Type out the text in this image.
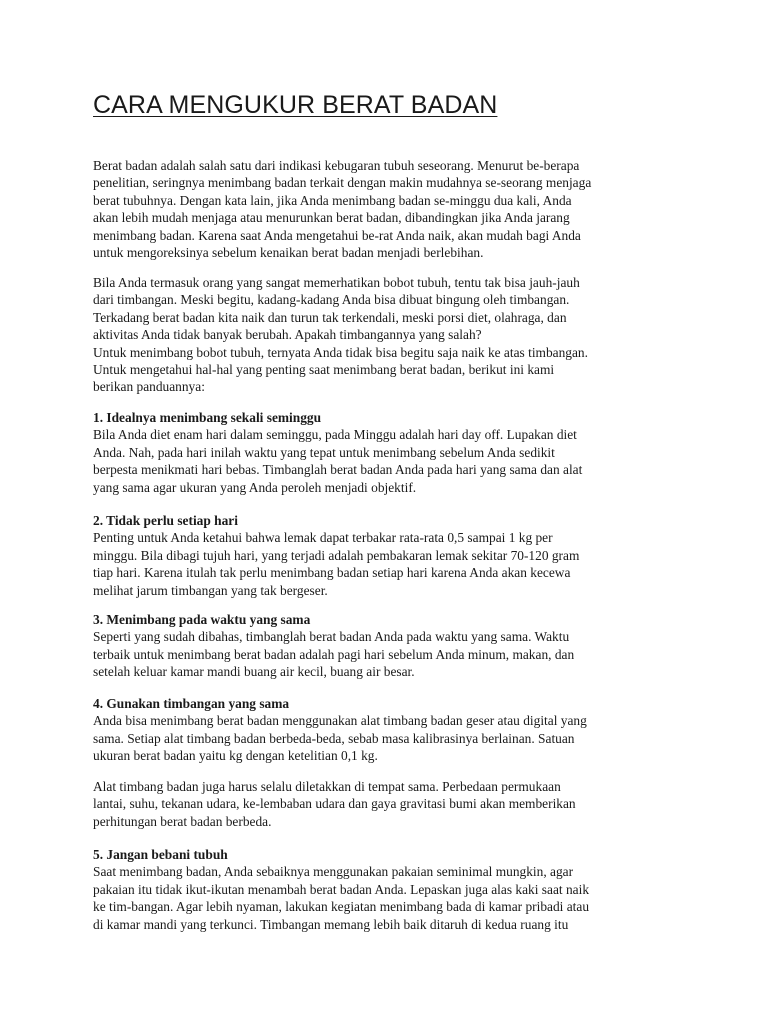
CARA MENGUKUR BERAT BADAN
Berat badan adalah salah satu dari indikasi kebugaran tubuh seseorang. Menurut be-berapa
penelitian, seringnya menimbang badan terkait dengan makin mudahnya se-seorang menjaga
berat tubuhnya. Dengan kata lain, jika Anda menimbang badan se-minggu dua kali, Anda
akan lebih mudah menjaga atau menurunkan berat badan, dibandingkan jika Anda jarang
menimbang badan. Karena saat Anda mengetahui be-rat Anda naik, akan mudah bagi Anda
untuk mengoreksinya sebelum kenaikan berat badan menjadi berlebihan.
Bila Anda termasuk orang yang sangat memerhatikan bobot tubuh, tentu tak bisa jauh-jauh
dari timbangan. Meski begitu, kadang-kadang Anda bisa dibuat bingung oleh timbangan.
Terkadang berat badan kita naik dan turun tak terkendali, meski porsi diet, olahraga, dan
aktivitas Anda tidak banyak berubah. Apakah timbangannya yang salah?
Untuk menimbang bobot tubuh, ternyata Anda tidak bisa begitu saja naik ke atas timbangan.
Untuk mengetahui hal-hal yang penting saat menimbang berat badan, berikut ini kami
berikan panduannya:
1. Idealnya menimbang sekali seminggu
Bila Anda diet enam hari dalam seminggu, pada Minggu adalah hari day off. Lupakan diet
Anda. Nah, pada hari inilah waktu yang tepat untuk menimbang sebelum Anda sedikit
berpesta menikmati hari bebas. Timbanglah berat badan Anda pada hari yang sama dan alat
yang sama agar ukuran yang Anda peroleh menjadi objektif.
2. Tidak perlu setiap hari
Penting untuk Anda ketahui bahwa lemak dapat terbakar rata-rata 0,5 sampai 1 kg per
minggu. Bila dibagi tujuh hari, yang terjadi adalah pembakaran lemak sekitar 70-120 gram
tiap hari. Karena itulah tak perlu menimbang badan setiap hari karena Anda akan kecewa
melihat jarum timbangan yang tak bergeser.
3. Menimbang pada waktu yang sama
Seperti yang sudah dibahas, timbanglah berat badan Anda pada waktu yang sama. Waktu
terbaik untuk menimbang berat badan adalah pagi hari sebelum Anda minum, makan, dan
setelah keluar kamar mandi buang air kecil, buang air besar.
4. Gunakan timbangan yang sama
Anda bisa menimbang berat badan menggunakan alat timbang badan geser atau digital yang
sama. Setiap alat timbang badan berbeda-beda, sebab masa kalibrasinya berlainan. Satuan
ukuran berat badan yaitu kg dengan ketelitian 0,1 kg.
Alat timbang badan juga harus selalu diletakkan di tempat sama. Perbedaan permukaan
lantai, suhu, tekanan udara, ke-lembaban udara dan gaya gravitasi bumi akan memberikan
perhitungan berat badan berbeda.
5. Jangan bebani tubuh
Saat menimbang badan, Anda sebaiknya menggunakan pakaian seminimal mungkin, agar
pakaian itu tidak ikut-ikutan menambah berat badan Anda. Lepaskan juga alas kaki saat naik
ke tim-bangan. Agar lebih nyaman, lakukan kegiatan menimbang bada di kamar pribadi atau
di kamar mandi yang terkunci. Timbangan memang lebih baik ditaruh di kedua ruang itu
